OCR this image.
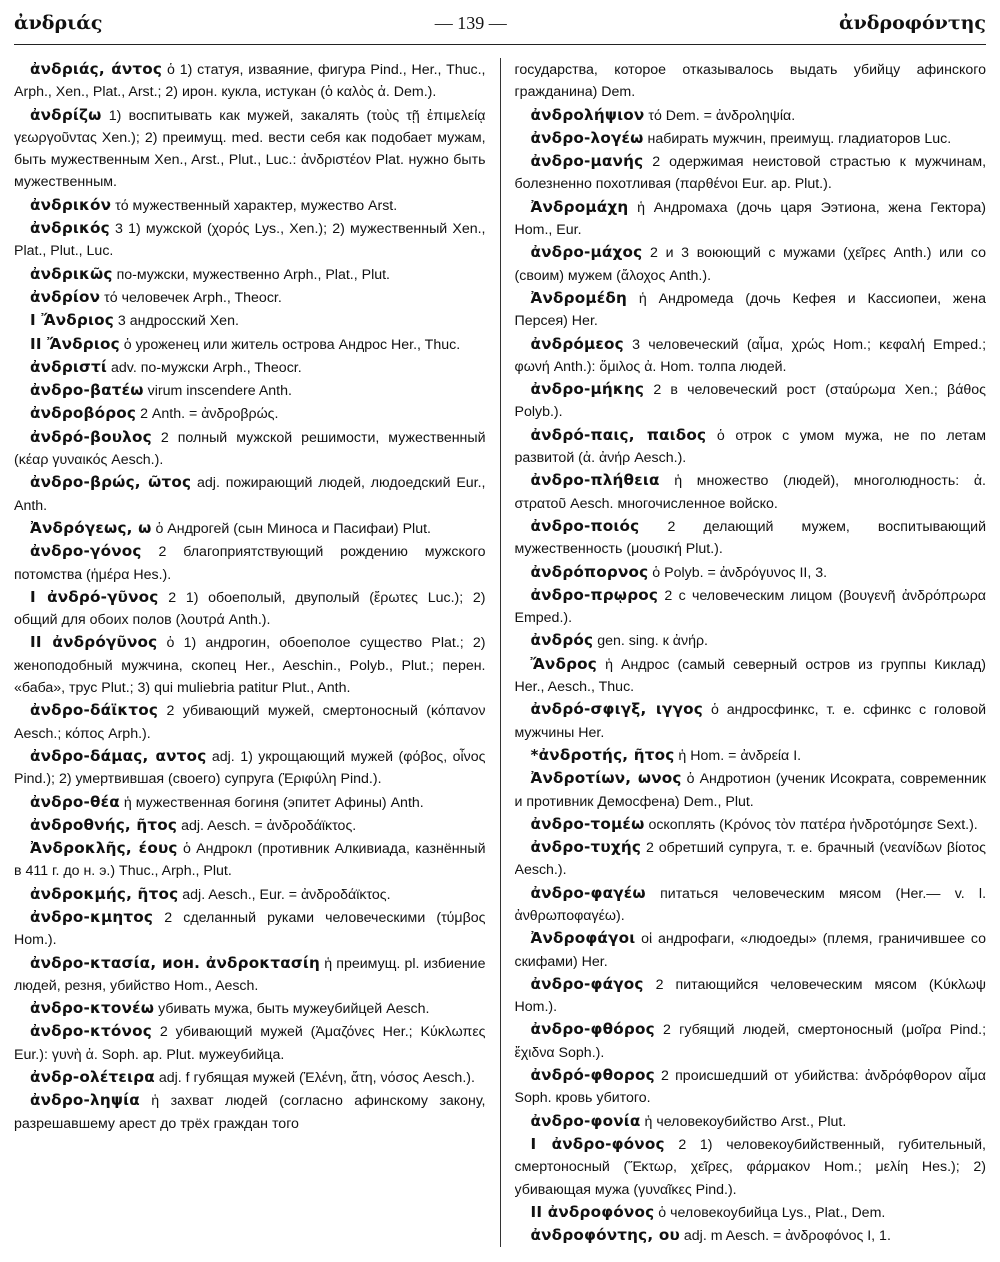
ἀνδριάς	— 139 —	ἀνδροφόντης

ἀνδριάς, άντος ὁ 1) статуя, изваяние, фигура Pind., Her., Thuc., Arph., Xen., Plat., Arst.; 2) ирон. кукла, истукан (ὁ καλὸς ἀ. Dem.).

ἀνδρίζω 1) воспитывать как мужей, закалять (τοὺς τῇ ἐπιμελείᾳ γεωργοῦντας Xen.); 2) преимущ. med. вести себя как подобает мужам, быть мужественным Xen., Arst., Plut., Luc.: ἀνδριστέον Plat. нужно быть мужественным.

ἀνδρικόν τό мужественный характер, мужество Arst.

ἀνδρικός 3 1) мужской (χορός Lys., Xen.); 2) мужественный Xen., Plat., Plut., Luc.

ἀνδρικῶς по-мужски, мужественно Arph., Plat., Plut.

ἀνδρίον τό человечек Arph., Theocr.

I Ἄνδριος 3 андросский Xen.

II Ἄνδριος ὁ уроженец или житель острова Андрос Her., Thuc.

ἀνδριστί adv. по-мужски Arph., Theocr.

ἀνδρο-βατέω virum inscendere Anth.

ἀνδροβόρος 2 Anth. = ἀνδροβρώς.

ἀνδρό-βουλος 2 полный мужской решимости, мужественный (κέαρ γυναικός Aesch.).

ἀνδρο-βρώς, ῶτος adj. пожирающий людей, людоедский Eur., Anth.

Ἀνδρόγεως, ω ὁ Андрогей (сын Миноса и Пасифаи) Plut.

ἀνδρο-γόνος 2 благоприятствующий рождению мужского потомства (ἡμέρα Hes.).

I ἀνδρό-γῦνος 2 1) обоеполый, двуполый (ἔρωτες Luc.); 2) общий для обоих полов (λουτρά Anth.).

II ἀνδρόγῦνος ὁ 1) андрогин, обоеполое существо Plat.; 2) женоподобный мужчина, скопец Her., Aeschin., Polyb., Plut.; перен. «баба», трус Plut.; 3) qui muliebria patitur Plut., Anth.

ἀνδρο-δάϊκτος 2 убивающий мужей, смертоносный (κόπανον Aesch.; κόπος Arph.).

ἀνδρο-δάμας, αντος adj. 1) укрощающий мужей (φόβος, οἶνος Pind.); 2) умертвившая (своего) супруга (Ἐριφύλη Pind.).

ἀνδρο-θέα ἡ мужественная богиня (эпитет Афины) Anth.

ἀνδροθνής, ῆτος adj. Aesch. = ἀνδροδάϊκτος.

Ἀνδροκλῆς, έους ὁ Андрокл (противник Алкивиада, казнённый в 411 г. до н. э.) Thuc., Arph., Plut.

ἀνδροκμής, ῆτος adj. Aesch., Eur. = ἀνδροδάϊκτος.

ἀνδρο-κμητος 2 сделанный руками человеческими (τύμβος Hom.).

ἀνδρο-κτασία, ион. ἀνδροκτασίη ἡ преимущ. pl. избиение людей, резня, убийство Hom., Aesch.

ἀνδρο-κτονέω убивать мужа, быть мужеубийцей Aesch.

ἀνδρο-κτόνος 2 убивающий мужей (Ἀμαζόνες Her.; Κύκλωπες Eur.): γυνὴ ἀ. Soph. ap. Plut. мужеубийца.

ἀνδρ-ολέτειρα adj. f губящая мужей (Ἑλένη, ἄτη, νόσος Aesch.).

ἀνδρο-ληψία ἡ захват людей (согласно афинскому закону, разрешавшему арест до трёх граждан того

государства, которое отказывалось выдать убийцу афинского гражданина) Dem.

ἀνδρολήψιον τό Dem. = ἀνδροληψία.

ἀνδρο-λογέω набирать мужчин, преимущ. гладиаторов Luc.

ἀνδρο-μανής 2 одержимая неистовой страстью к мужчинам, болезненно похотливая (παρθένοι Eur. ap. Plut.).

Ἀνδρομάχη ἡ Андромаха (дочь царя Ээтиона, жена Гектора) Hom., Eur.

ἀνδρο-μάχος 2 и 3 воюющий с мужами (χεῖρες Anth.) или со (своим) мужем (ἄλοχος Anth.).

Ἀνδρομέδη ἡ Андромеда (дочь Кефея и Кассиопеи, жена Персея) Her.

ἀνδρόμεος 3 человеческий (αἷμα, χρώς Hom.; κεφαλή Emped.; φωνή Anth.): ὅμιλος ἀ. Hom. толпа людей.

ἀνδρο-μήκης 2 в человеческий рост (σταύρωμα Xen.; βάθος Polyb.).

ἀνδρό-παις, παιδος ὁ отрок с умом мужа, не по летам развитой (ἀ. ἀνήρ Aesch.).

ἀνδρο-πλήθεια ἡ множество (людей), многолюдность: ἀ. στρατοῦ Aesch. многочисленное войско.

ἀνδρο-ποιός 2 делающий мужем, воспитывающий мужественность (μουσική Plut.).

ἀνδρόπορνος ὁ Polyb. = ἀνδρόγυνος II, 3.

ἀνδρο-πρῳρος 2 с человеческим лицом (βουγενῆ ἀνδρόπρωρα Emped.).

ἀνδρός gen. sing. к ἀνήρ.

Ἄνδρος ἡ Андрос (самый северный остров из группы Киклад) Her., Aesch., Thuc.

ἀνδρό-σφιγξ, ιγγος ὁ андросфинкс, т. е. сфинкс с головой мужчины Her.

*ἀνδροτής, ῆτος ἡ Hom. = ἀνδρεία I.

Ἀνδροτίων, ωνος ὁ Андротион (ученик Исократа, современник и противник Демосфена) Dem., Plut.

ἀνδρο-τομέω оскоплять (Κρόνος τὸν πατέρα ἠνδροτόμησε Sext.).

ἀνδρο-τυχής 2 обретший супруга, т. е. брачный (νεανίδων βίοτος Aesch.).

ἀνδρο-φαγέω питаться человеческим мясом (Her.— v. l. ἀνθρωποφαγέω).

Ἀνδροφάγοι οἱ андрофаги, «людоеды» (племя, граничившее со скифами) Her.

ἀνδρο-φάγος 2 питающийся человеческим мясом (Κύκλωψ Hom.).

ἀνδρο-φθόρος 2 губящий людей, смертоносный (μοῖρα Pind.; ἔχιδνα Soph.).

ἀνδρό-φθορος 2 происшедший от убийства: ἀνδρόφθορον αἷμα Soph. кровь убитого.

ἀνδρο-φονία ἡ человекоубийство Arst., Plut.

I ἀνδρο-φόνος 2 1) человекоубийственный, губительный, смертоносный (Ἕκτωρ, χεῖρες, φάρμακον Hom.; μελίη Hes.); 2) убивающая мужа (γυναῖκες Pind.).

II ἀνδροφόνος ὁ человекоубийца Lys., Plat., Dem.

ἀνδροφόντης, ου adj. m Aesch. = ἀνδροφόνος I, 1.
